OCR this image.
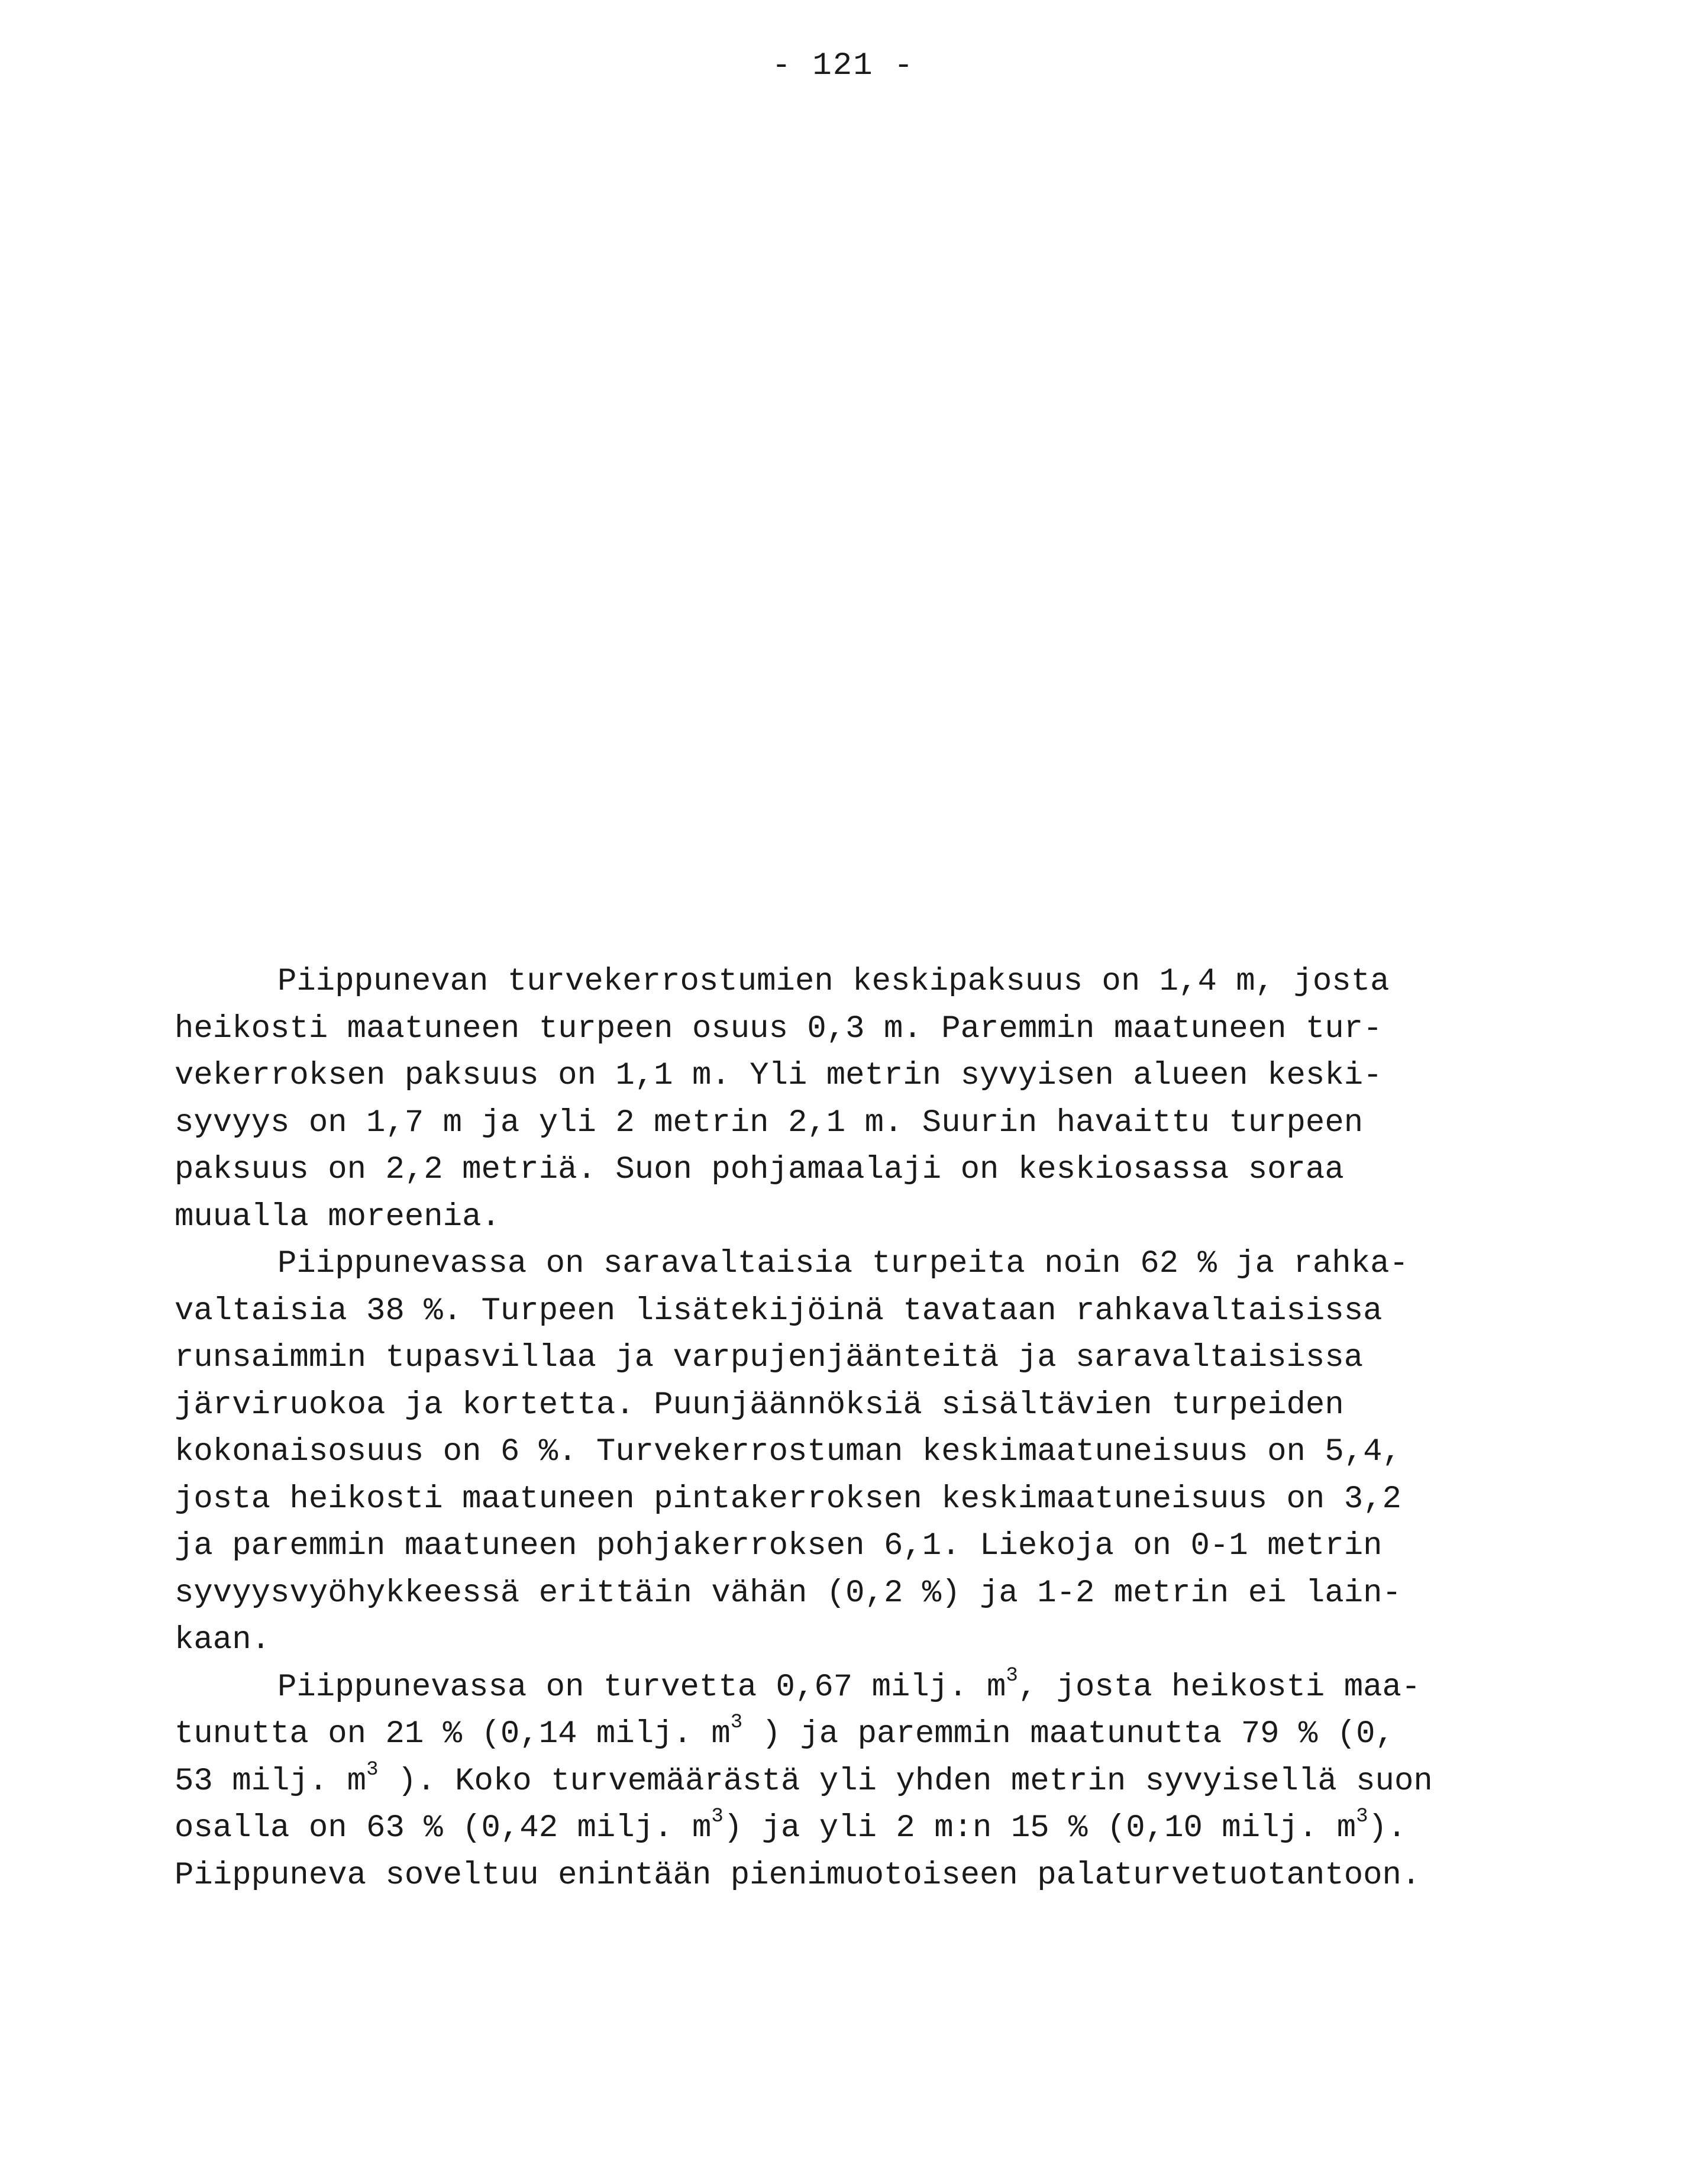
- 121 -
Piippunevan turvekerrostumien keskipaksuus on 1,4 m, josta
heikosti maatuneen turpeen osuus 0,3 m. Paremmin maatuneen tur-
vekerroksen paksuus on 1,1 m. Yli metrin syvyisen alueen keski-
syvyys on 1,7 m ja yli 2 metrin 2,1 m. Suurin havaittu turpeen
paksuus on 2,2 metriä. Suon pohjamaalaji on keskiosassa soraa
muualla moreenia.
Piippunevassa on saravaltaisia turpeita noin 62 % ja rahka-
valtaisia 38 %. Turpeen lisätekijöinä tavataan rahkavaltaisissa
runsaimmin tupasvillaa ja varpujenjäänteitä ja saravaltaisissa
järviruokoa ja kortetta. Puunjäännöksiä sisältävien turpeiden
kokonaisosuus on 6 %. Turvekerrostuman keskimaatuneisuus on 5,4,
josta heikosti maatuneen pintakerroksen keskimaatuneisuus on 3,2
ja paremmin maatuneen pohjakerroksen 6,1. Liekoja on 0-1 metrin
syvyysvyöhykkeessä erittäin vähän (0,2 %) ja 1-2 metrin ei lain-
kaan.
Piippunevassa on turvetta 0,67 milj. $m^3$, josta heikosti maa-
tunutta on 21 % (0,14 milj. $m^3$ ) ja paremmin maatunutta 79 % (0,
53 milj. $m^3$ ). Koko turvemäärästä yli yhden metrin syvyisellä suon
osalla on 63 % (0,42 milj. $m^3$) ja yli 2 m:n 15 % (0,10 milj. $m^3$).
Piippuneva soveltuu enintään pienimuotoiseen palaturvetuotantoon.
